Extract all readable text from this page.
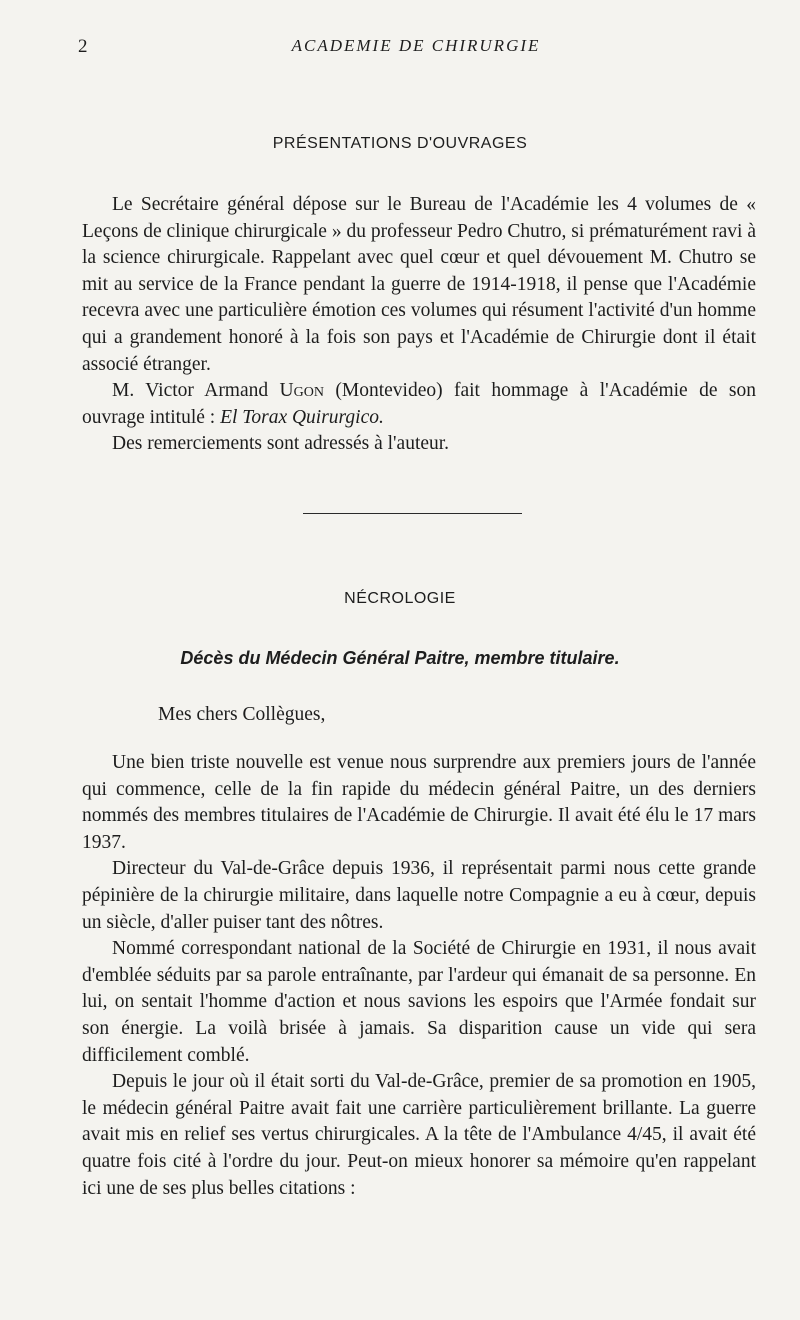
2	ACADEMIE DE CHIRURGIE
PRÉSENTATIONS D'OUVRAGES

Le Secrétaire général dépose sur le Bureau de l'Académie les 4 volumes de « Leçons de clinique chirurgicale » du professeur Pedro Chutro, si prématurément ravi à la science chirurgicale. Rappelant avec quel cœur et quel dévouement M. Chutro se mit au service de la France pendant la guerre de 1914-1918, il pense que l'Académie recevra avec une particulière émotion ces volumes qui résument l'activité d'un homme qui a grandement honoré à la fois son pays et l'Académie de Chirurgie dont il était associé étranger.

M. Victor Armand Ugon (Montevideo) fait hommage à l'Académie de son ouvrage intitulé : El Torax Quirurgico.

Des remerciements sont adressés à l'auteur.

NÉCROLOGIE
Décès du Médecin Général Paitre, membre titulaire.
Mes chers Collègues,

Une bien triste nouvelle est venue nous surprendre aux premiers jours de l'année qui commence, celle de la fin rapide du médecin général Paitre, un des derniers nommés des membres titulaires de l'Académie de Chirurgie. Il avait été élu le 17 mars 1937.

Directeur du Val-de-Grâce depuis 1936, il représentait parmi nous cette grande pépinière de la chirurgie militaire, dans laquelle notre Compagnie a eu à cœur, depuis un siècle, d'aller puiser tant des nôtres.

Nommé correspondant national de la Société de Chirurgie en 1931, il nous avait d'emblée séduits par sa parole entraînante, par l'ardeur qui émanait de sa personne. En lui, on sentait l'homme d'action et nous savions les espoirs que l'Armée fondait sur son énergie. La voilà brisée à jamais. Sa disparition cause un vide qui sera difficilement comblé.

Depuis le jour où il était sorti du Val-de-Grâce, premier de sa promotion en 1905, le médecin général Paitre avait fait une carrière particulièrement brillante. La guerre avait mis en relief ses vertus chirurgicales. A la tête de l'Ambulance 4/45, il avait été quatre fois cité à l'ordre du jour. Peut-on mieux honorer sa mémoire qu'en rappelant ici une de ses plus belles citations :
